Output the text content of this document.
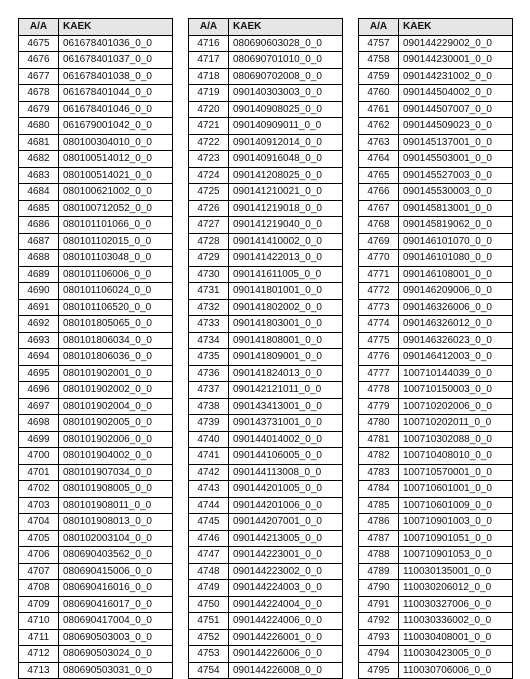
A/A	KAEK
4675	061678401036_0_0
4676	061678401037_0_0
4677	061678401038_0_0
4678	061678401044_0_0
4679	061678401046_0_0
4680	061679001042_0_0
4681	080100304010_0_0
4682	080100514012_0_0
4683	080100514021_0_0
4684	080100621002_0_0
4685	080100712052_0_0
4686	080101101066_0_0
4687	080101102015_0_0
4688	080101103048_0_0
4689	080101106006_0_0
4690	080101106024_0_0
4691	080101106520_0_0
4692	080101805065_0_0
4693	080101806034_0_0
4694	080101806036_0_0
4695	080101902001_0_0
4696	080101902002_0_0
4697	080101902004_0_0
4698	080101902005_0_0
4699	080101902006_0_0
4700	080101904002_0_0
4701	080101907034_0_0
4702	080101908005_0_0
4703	080101908011_0_0
4704	080101908013_0_0
4705	080102003104_0_0
4706	080690403562_0_0
4707	080690415006_0_0
4708	080690416016_0_0
4709	080690416017_0_0
4710	080690417004_0_0
4711	080690503003_0_0
4712	080690503024_0_0
4713	080690503031_0_0
A/A	KAEK
4716	080690603028_0_0
4717	080690701010_0_0
4718	080690702008_0_0
4719	090140303003_0_0
4720	090140908025_0_0
4721	090140909011_0_0
4722	090140912014_0_0
4723	090140916048_0_0
4724	090141208025_0_0
4725	090141210021_0_0
4726	090141219018_0_0
4727	090141219040_0_0
4728	090141410002_0_0
4729	090141422013_0_0
4730	090141611005_0_0
4731	090141801001_0_0
4732	090141802002_0_0
4733	090141803001_0_0
4734	090141808001_0_0
4735	090141809001_0_0
4736	090141824013_0_0
4737	090142121011_0_0
4738	090143413001_0_0
4739	090143731001_0_0
4740	090144014002_0_0
4741	090144106005_0_0
4742	090144113008_0_0
4743	090144201005_0_0
4744	090144201006_0_0
4745	090144207001_0_0
4746	090144213005_0_0
4747	090144223001_0_0
4748	090144223002_0_0
4749	090144224003_0_0
4750	090144224004_0_0
4751	090144224006_0_0
4752	090144226001_0_0
4753	090144226006_0_0
4754	090144226008_0_0
A/A	KAEK
4757	090144229002_0_0
4758	090144230001_0_0
4759	090144231002_0_0
4760	090144504002_0_0
4761	090144507007_0_0
4762	090144509023_0_0
4763	090145137001_0_0
4764	090145503001_0_0
4765	090145527003_0_0
4766	090145530003_0_0
4767	090145813001_0_0
4768	090145819062_0_0
4769	090146101070_0_0
4770	090146101080_0_0
4771	090146108001_0_0
4772	090146209006_0_0
4773	090146326006_0_0
4774	090146326012_0_0
4775	090146326023_0_0
4776	090146412003_0_0
4777	100710144039_0_0
4778	100710150003_0_0
4779	100710202006_0_0
4780	100710202011_0_0
4781	100710302088_0_0
4782	100710408010_0_0
4783	100710570001_0_0
4784	100710601001_0_0
4785	100710601009_0_0
4786	100710901003_0_0
4787	100710901051_0_0
4788	100710901053_0_0
4789	110030135001_0_0
4790	110030206012_0_0
4791	110030327006_0_0
4792	110030336002_0_0
4793	110030408001_0_0
4794	110030423005_0_0
4795	110030706006_0_0
